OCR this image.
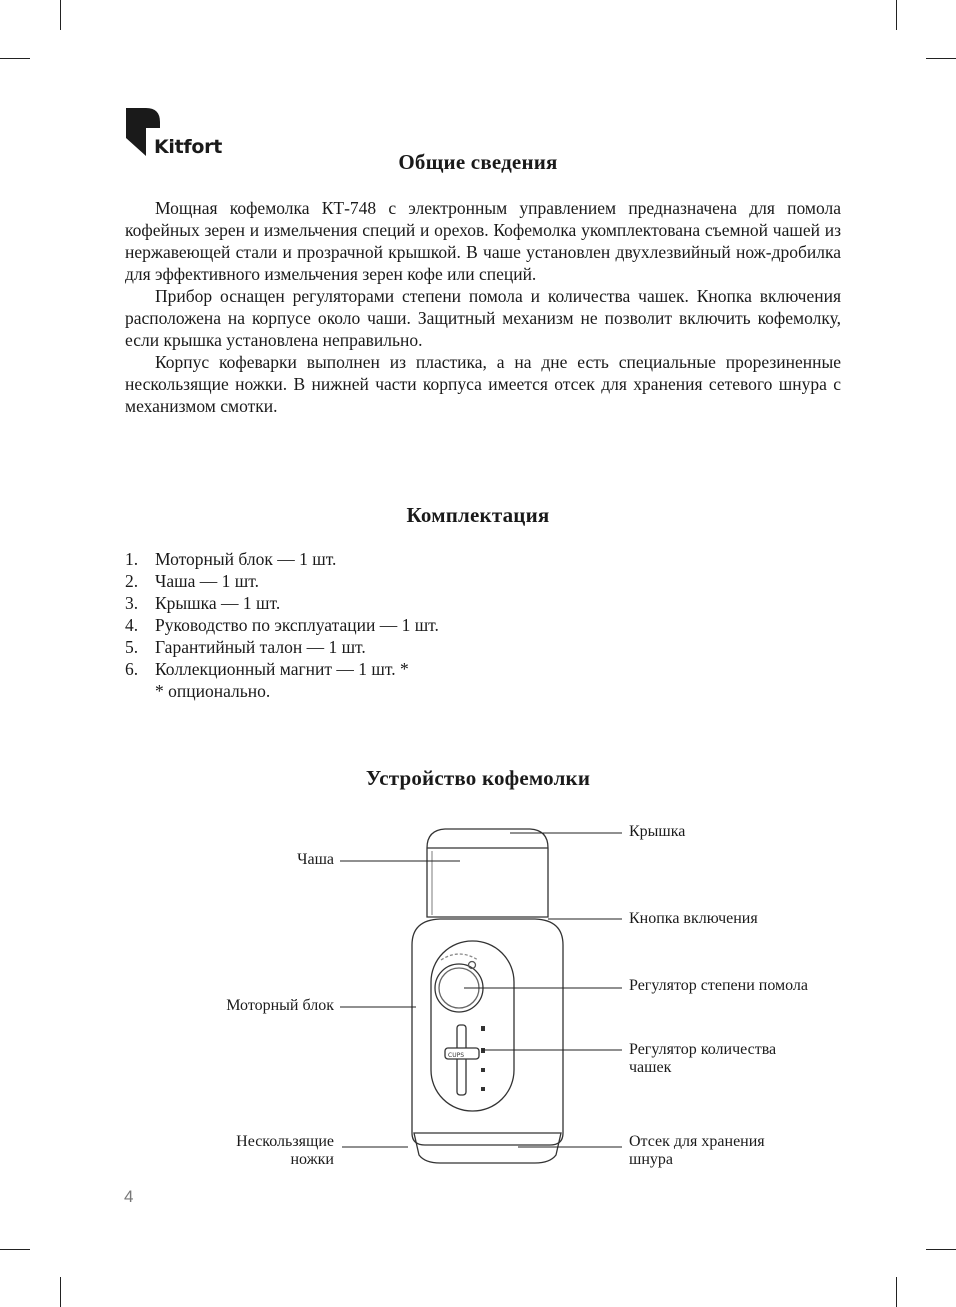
Kitfort
Общие сведения

Мощная кофемолка КТ-748 с электронным управлением предназначена для помола кофейных зерен и измельчения специй и орехов. Кофемолка укомплектована съемной чашей из нержавеющей стали и прозрачной крышкой. В чаше установлен двухлезвийный нож-дробилка для эффективного измельчения зерен кофе или специй.

Прибор оснащен регуляторами степени помола и количества чашек. Кнопка включения расположена на корпусе около чаши. Защитный механизм не позволит включить кофемолку, если крышка установлена неправильно.

Корпус кофеварки выполнен из пластика, а на дне есть специальные прорезиненные нескользящие ножки. В нижней части корпуса имеется отсек для хранения сетевого шнура с механизмом смотки.

Комплектация
1. Моторный блок — 1 шт.
2. Чаша — 1 шт.
3. Крышка — 1 шт.
4. Руководство по эксплуатации — 1 шт.
5. Гарантийный талон — 1 шт.
6. Коллекционный магнит — 1 шт. *
* опционально.
Устройство кофемолки
CUPS
Чаша
Моторный блок
Нескользящие
ножки
Крышка
Кнопка включения
Регулятор степени помола
Регулятор количества
чашек
Отсек для хранения
шнура
4
